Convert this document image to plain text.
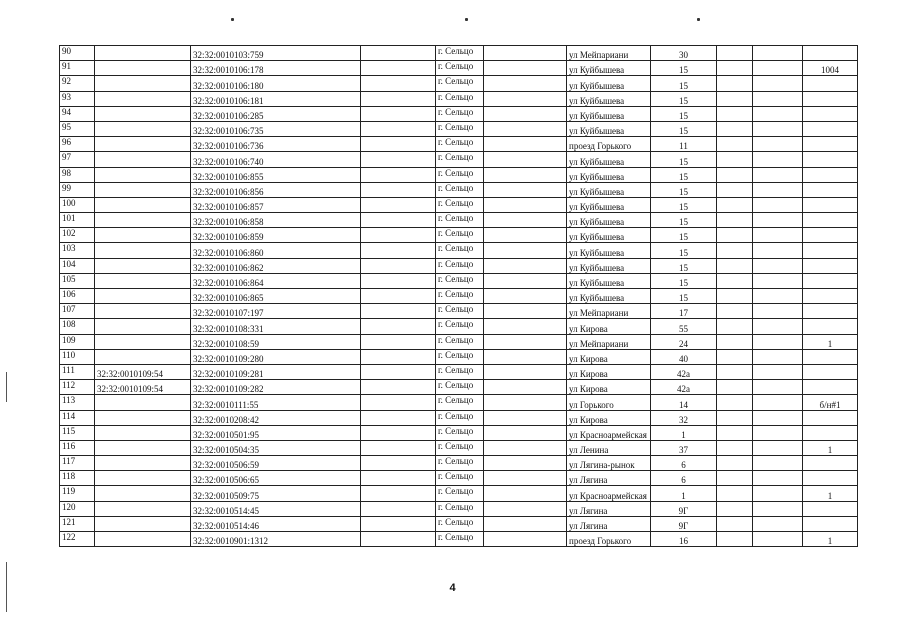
90		32:32:0010103:759		г. Сельцо		ул Мейпариани	30			
91		32:32:0010106:178		г. Сельцо		ул Куйбышева	15			1004
92		32:32:0010106:180		г. Сельцо		ул Куйбышева	15			
93		32:32:0010106:181		г. Сельцо		ул Куйбышева	15			
94		32:32:0010106:285		г. Сельцо		ул Куйбышева	15			
95		32:32:0010106:735		г. Сельцо		ул Куйбышева	15			
96		32:32:0010106:736		г. Сельцо		проезд Горького	11			
97		32:32:0010106:740		г. Сельцо		ул Куйбышева	15			
98		32:32:0010106:855		г. Сельцо		ул Куйбышева	15			
99		32:32:0010106:856		г. Сельцо		ул Куйбышева	15			
100		32:32:0010106:857		г. Сельцо		ул Куйбышева	15			
101		32:32:0010106:858		г. Сельцо		ул Куйбышева	15			
102		32:32:0010106:859		г. Сельцо		ул Куйбышева	15			
103		32:32:0010106:860		г. Сельцо		ул Куйбышева	15			
104		32:32:0010106:862		г. Сельцо		ул Куйбышева	15			
105		32:32:0010106:864		г. Сельцо		ул Куйбышева	15			
106		32:32:0010106:865		г. Сельцо		ул Куйбышева	15			
107		32:32:0010107:197		г. Сельцо		ул Мейпариани	17			
108		32:32:0010108:331		г. Сельцо		ул Кирова	55			
109		32:32:0010108:59		г. Сельцо		ул Мейпариани	24			1
110		32:32:0010109:280		г. Сельцо		ул Кирова	40			
111	32:32:0010109:54	32:32:0010109:281		г. Сельцо		ул Кирова	42а			
112	32:32:0010109:54	32:32:0010109:282		г. Сельцо		ул Кирова	42а			
113		32:32:0010111:55		г. Сельцо		ул Горького	14			б/н#1
114		32:32:0010208:42		г. Сельцо		ул Кирова	32			
115		32:32:0010501:95		г. Сельцо		ул Красноармейская	1			
116		32:32:0010504:35		г. Сельцо		ул Ленина	37			1
117		32:32:0010506:59		г. Сельцо		ул Лягина-рынок	6			
118		32:32:0010506:65		г. Сельцо		ул Лягина	6			
119		32:32:0010509:75		г. Сельцо		ул Красноармейская	1			1
120		32:32:0010514:45		г. Сельцо		ул Лягина	9Г			
121		32:32:0010514:46		г. Сельцо		ул Лягина	9Г			
122		32:32:0010901:1312		г. Сельцо		проезд Горького	16			1
4
